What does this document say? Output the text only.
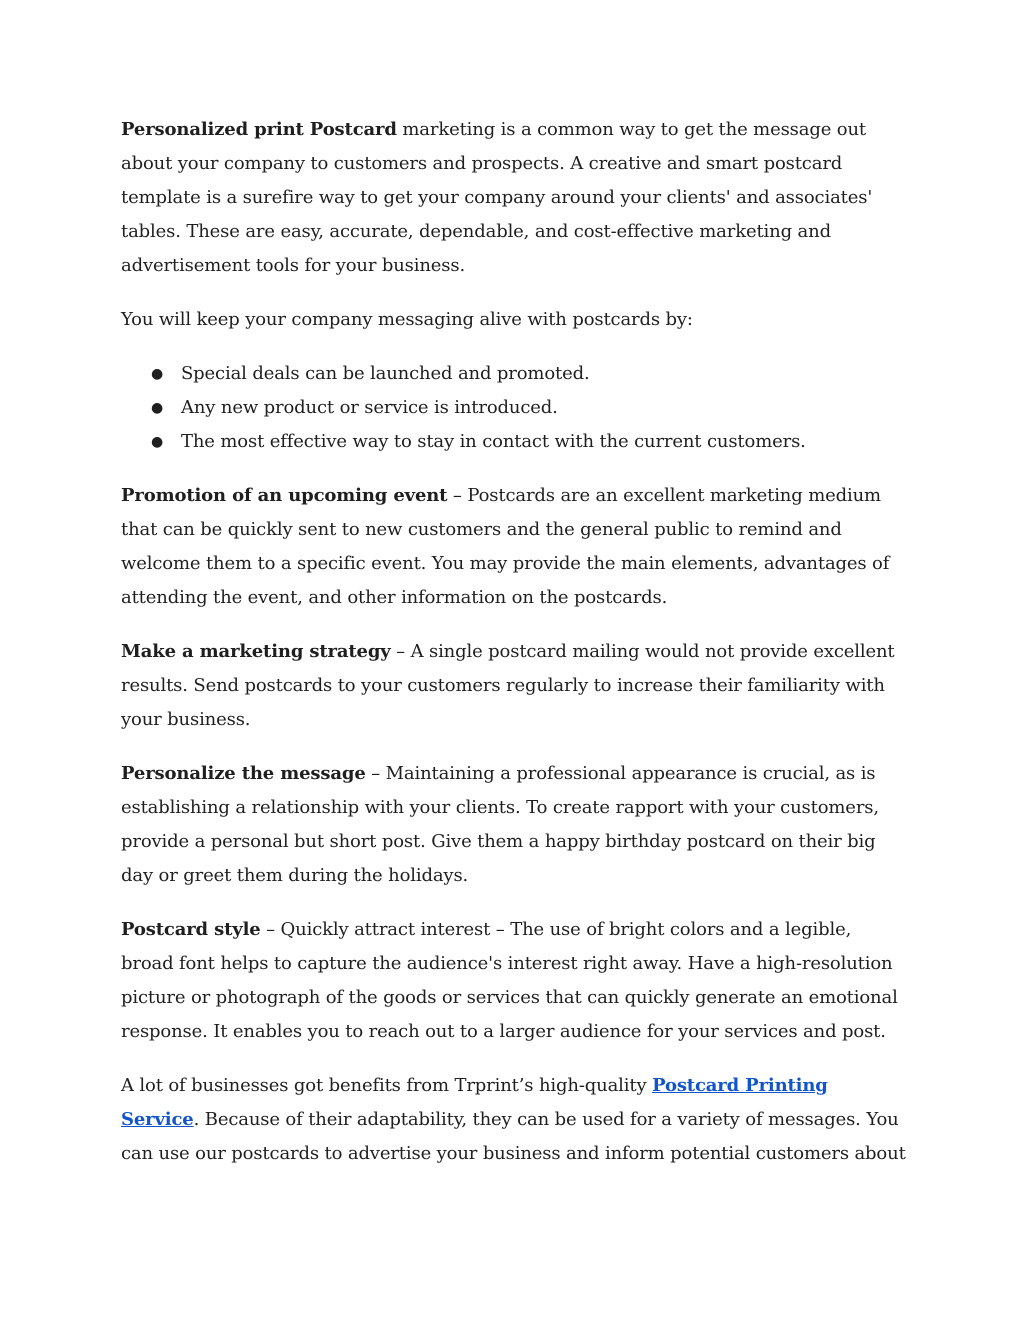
Personalized print Postcard marketing is a common way to get the message out about your company to customers and prospects. A creative and smart postcard template is a surefire way to get your company around your clients' and associates' tables. These are easy, accurate, dependable, and cost-effective marketing and advertisement tools for your business.

You will keep your company messaging alive with postcards by:

● Special deals can be launched and promoted.
● Any new product or service is introduced.
● The most effective way to stay in contact with the current customers.

Promotion of an upcoming event – Postcards are an excellent marketing medium that can be quickly sent to new customers and the general public to remind and welcome them to a specific event. You may provide the main elements, advantages of attending the event, and other information on the postcards.

Make a marketing strategy – A single postcard mailing would not provide excellent results. Send postcards to your customers regularly to increase their familiarity with your business.

Personalize the message – Maintaining a professional appearance is crucial, as is establishing a relationship with your clients. To create rapport with your customers, provide a personal but short post. Give them a happy birthday postcard on their big day or greet them during the holidays.

Postcard style – Quickly attract interest – The use of bright colors and a legible, broad font helps to capture the audience's interest right away. Have a high-resolution picture or photograph of the goods or services that can quickly generate an emotional response. It enables you to reach out to a larger audience for your services and post.

A lot of businesses got benefits from Trprint’s high-quality Postcard Printing Service. Because of their adaptability, they can be used for a variety of messages. You can use our postcards to advertise your business and inform potential customers about
